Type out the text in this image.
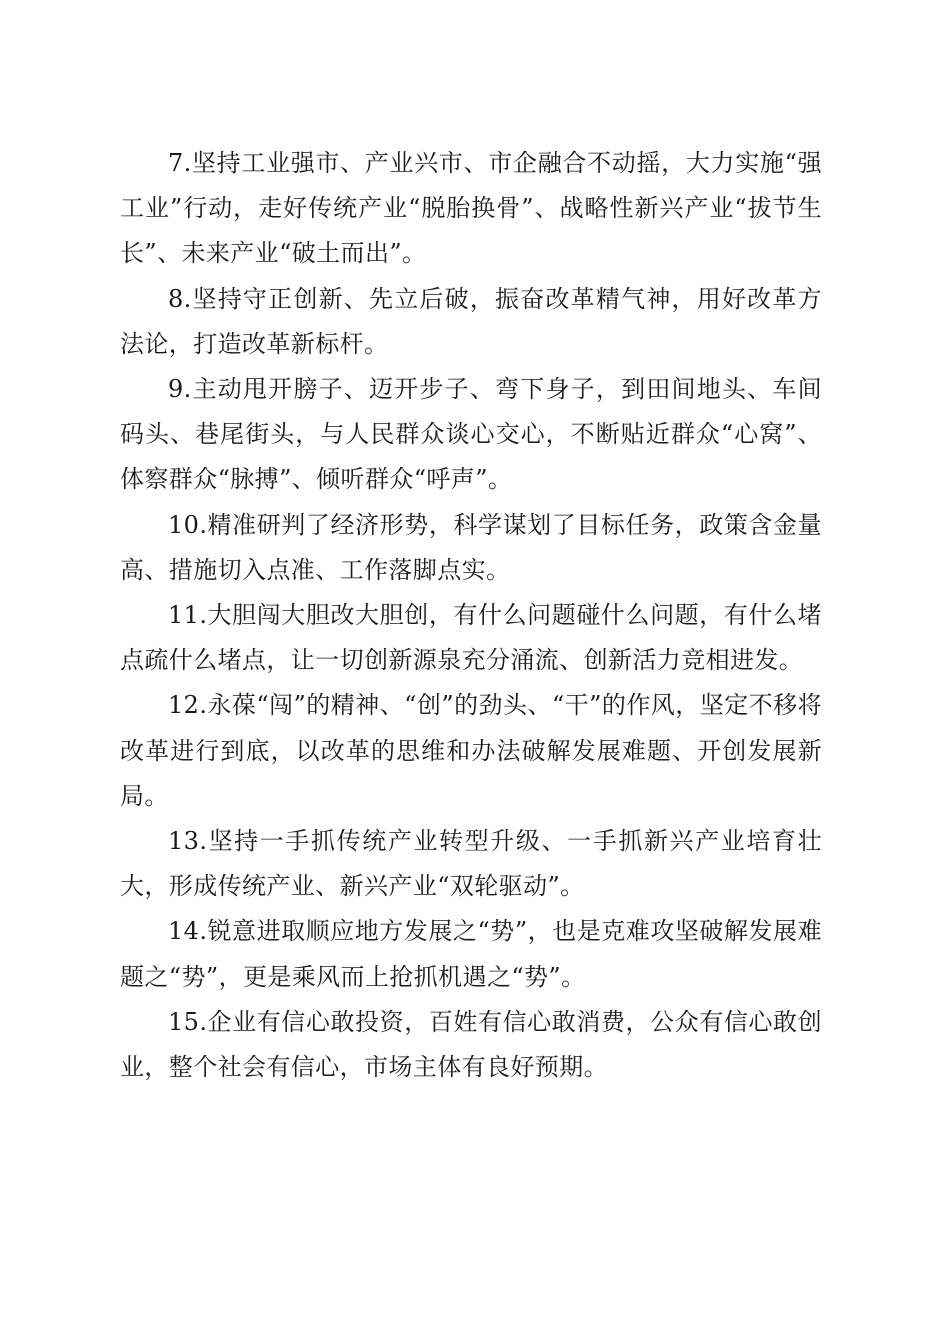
7.坚持工业强市、产业兴市、市企融合不动摇，大力实施“强工业”行动，走好传统产业“脱胎换骨”、战略性新兴产业“拔节生长”、未来产业“破土而出”。

8.坚持守正创新、先立后破，振奋改革精气神，用好改革方法论，打造改革新标杆。

9.主动甩开膀子、迈开步子、弯下身子，到田间地头、车间码头、巷尾街头，与人民群众谈心交心，不断贴近群众“心窝”、体察群众“脉搏”、倾听群众“呼声”。

10.精准研判了经济形势，科学谋划了目标任务，政策含金量高、措施切入点准、工作落脚点实。

11.大胆闯大胆改大胆创，有什么问题碰什么问题，有什么堵点疏什么堵点，让一切创新源泉充分涌流、创新活力竞相进发。

12.永葆“闯”的精神、“创”的劲头、“干”的作风，坚定不移将改革进行到底，以改革的思维和办法破解发展难题、开创发展新局。

13.坚持一手抓传统产业转型升级、一手抓新兴产业培育壮大，形成传统产业、新兴产业“双轮驱动”。

14.锐意进取顺应地方发展之“势”，也是克难攻坚破解发展难题之“势”，更是乘风而上抢抓机遇之“势”。

15.企业有信心敢投资，百姓有信心敢消费，公众有信心敢创业，整个社会有信心，市场主体有良好预期。
